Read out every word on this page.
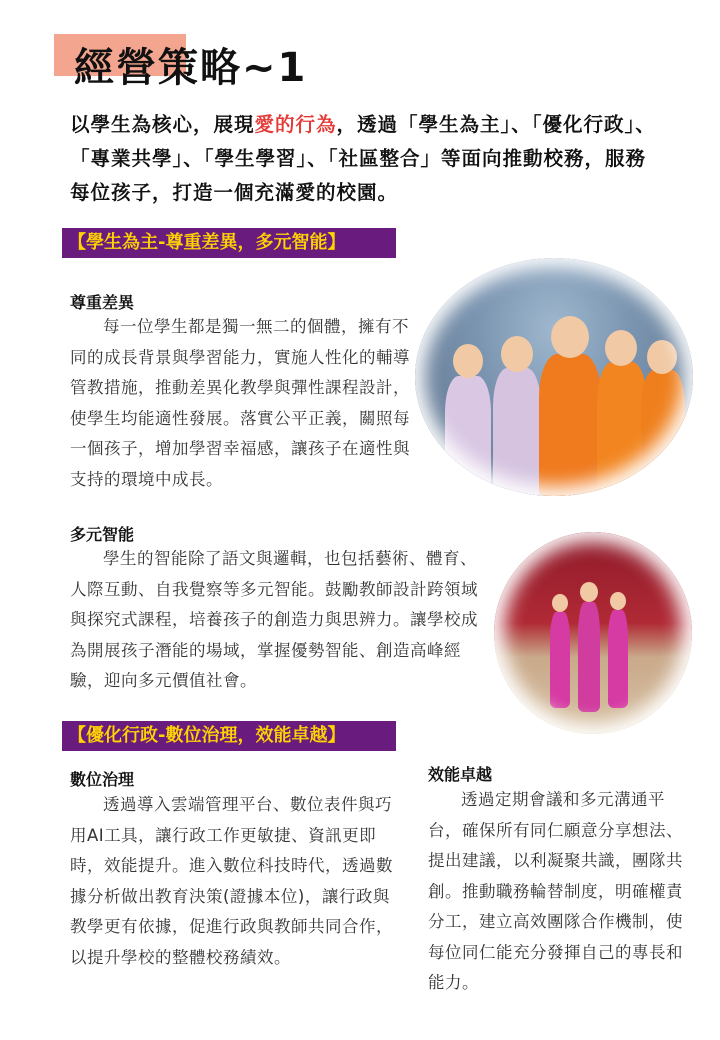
經營策略~1

以學生為核心，展現愛的行為，透過「學生為主」、「優化行政」、「專業共學」、「學生學習」、「社區整合」等面向推動校務，服務每位孩子，打造一個充滿愛的校園。

【學生為主-尊重差異，多元智能】
尊重差異

每一位學生都是獨一無二的個體，擁有不同的成長背景與學習能力，實施人性化的輔導管教措施，推動差異化教學與彈性課程設計，使學生均能適性發展。落實公平正義，關照每一個孩子，增加學習幸福感，讓孩子在適性與支持的環境中成長。

多元智能

學生的智能除了語文與邏輯，也包括藝術、體育、人際互動、自我覺察等多元智能。鼓勵教師設計跨領域與探究式課程，培養孩子的創造力與思辨力。讓學校成為開展孩子潛能的場域，掌握優勢智能、創造高峰經驗，迎向多元價值社會。

【優化行政-數位治理，效能卓越】
數位治理

透過導入雲端管理平台、數位表件與巧用AI工具，讓行政工作更敏捷、資訊更即時，效能提升。進入數位科技時代，透過數據分析做出教育決策(證據本位)，讓行政與教學更有依據，促進行政與教師共同合作，以提升學校的整體校務績效。

效能卓越

透過定期會議和多元溝通平台，確保所有同仁願意分享想法、提出建議，以利凝聚共識，團隊共創。推動職務輪替制度，明確權責分工，建立高效團隊合作機制，使每位同仁能充分發揮自己的專長和能力。
